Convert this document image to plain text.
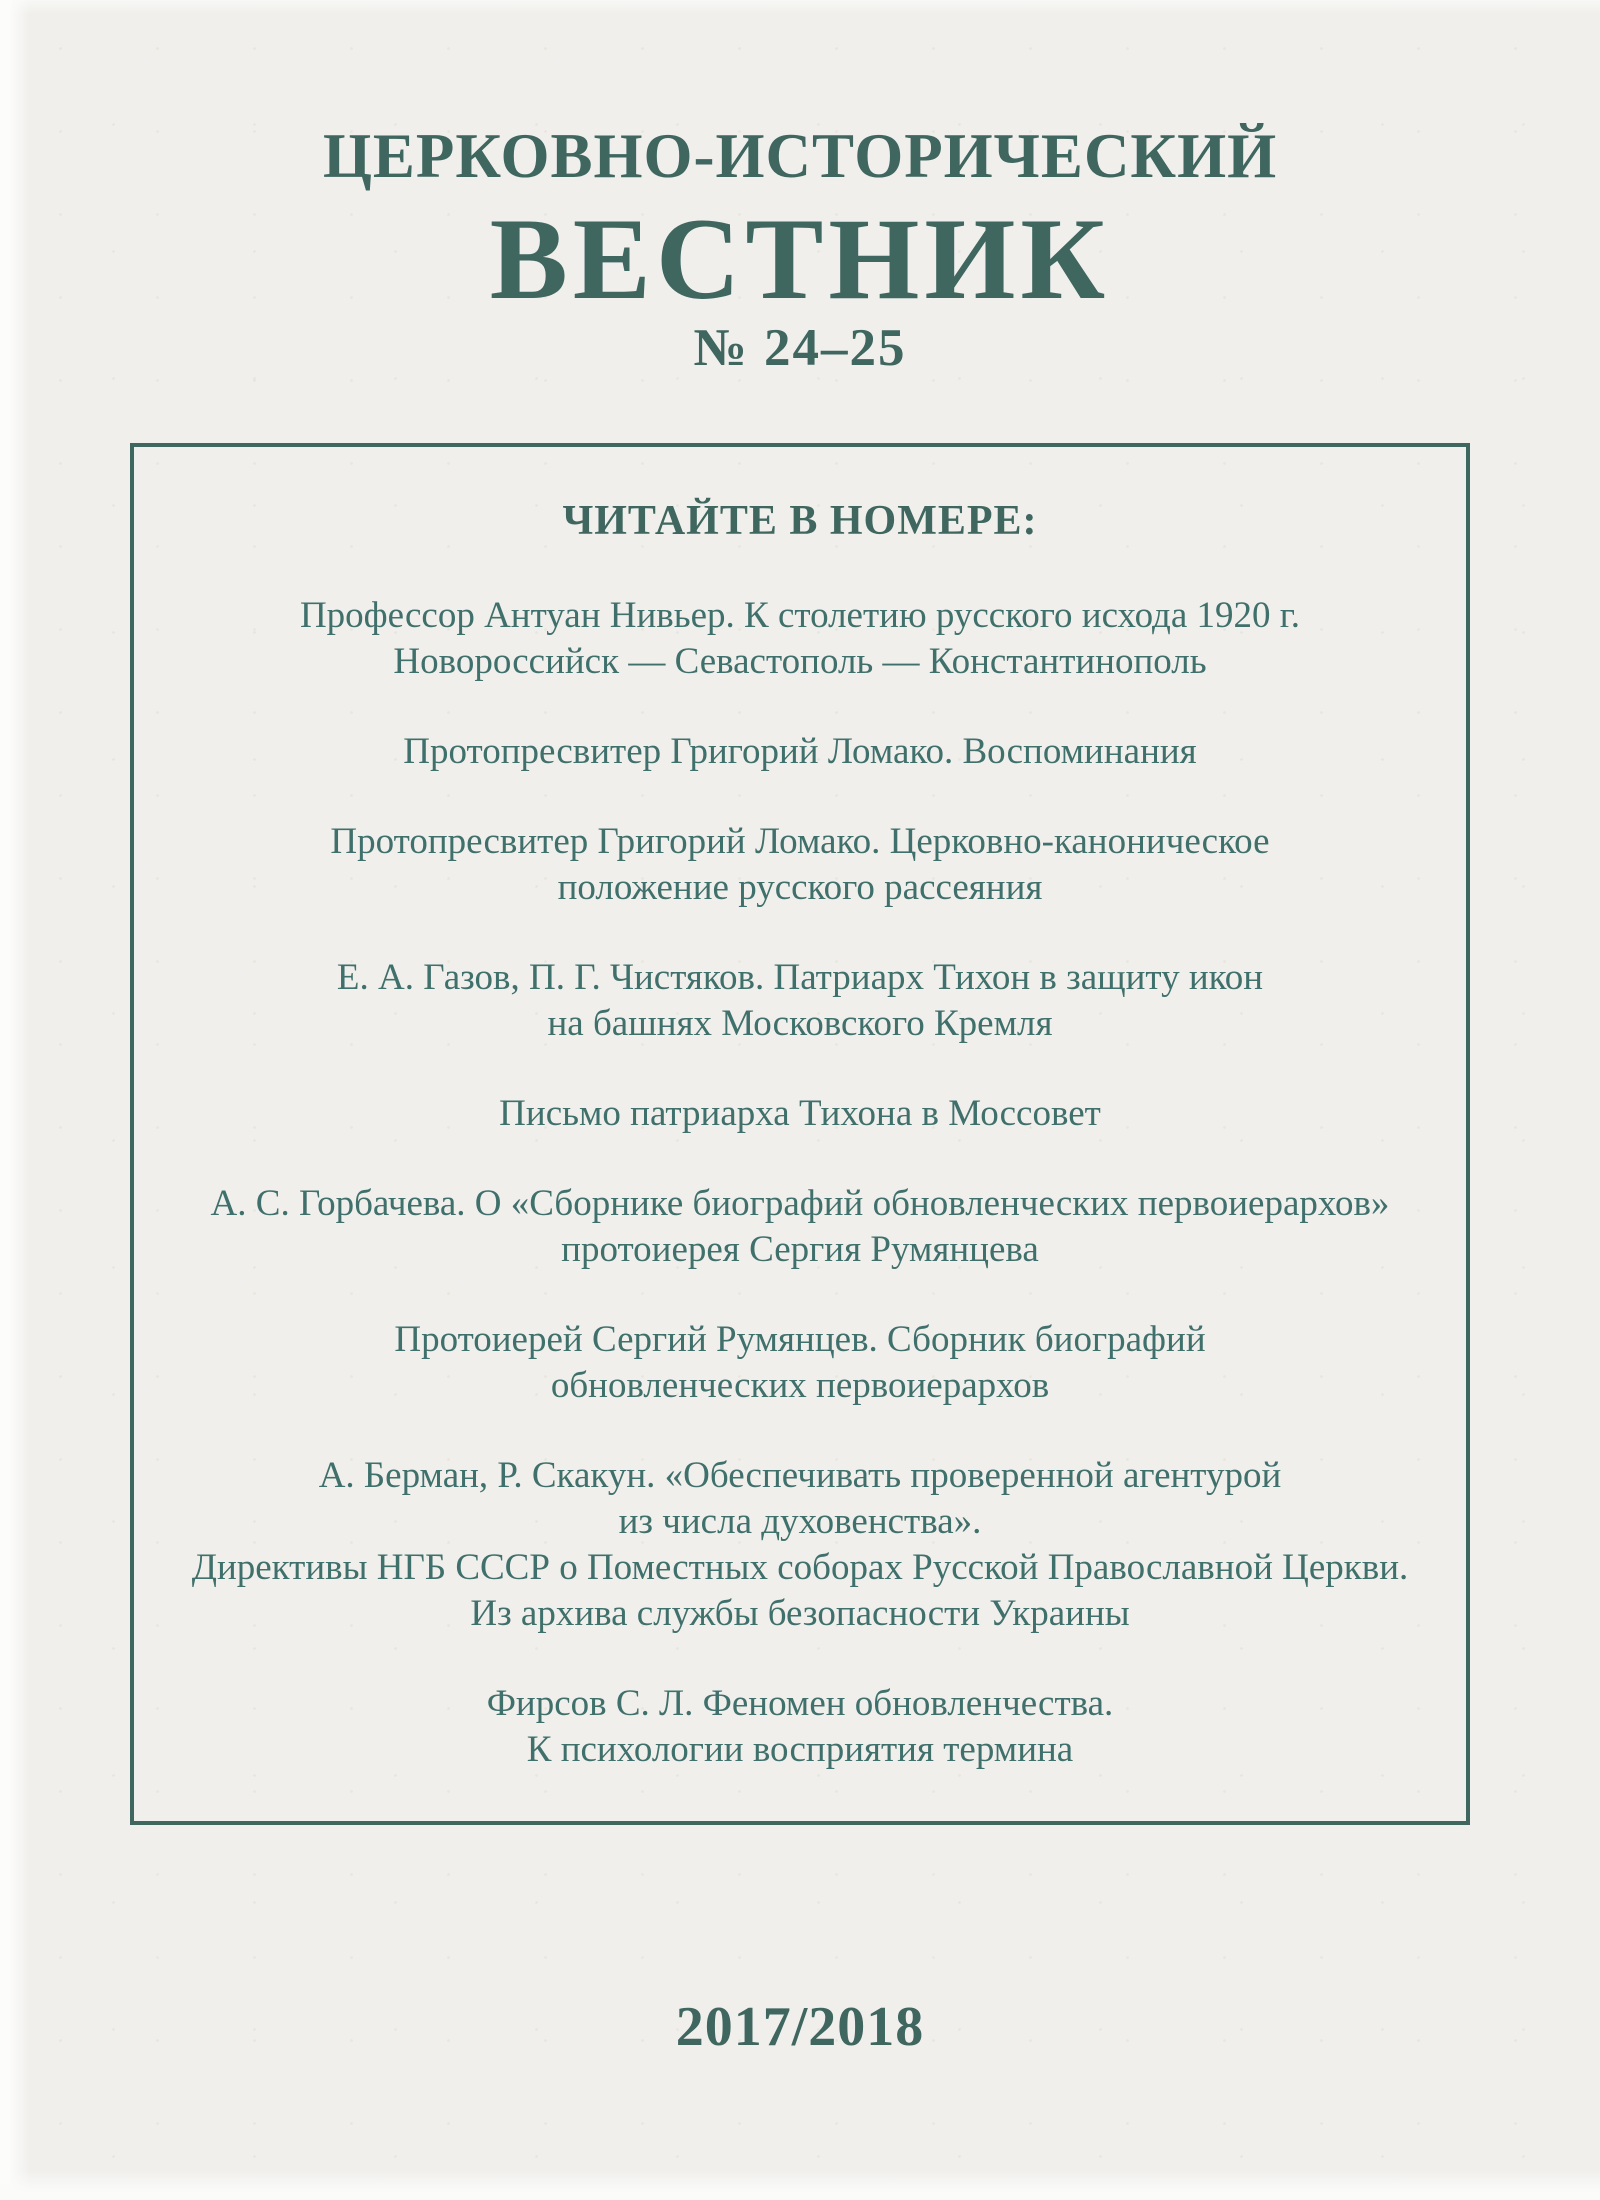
ЦЕРКОВНО-ИСТОРИЧЕСКИЙ
ВЕСТНИК
№ 24–25
ЧИТАЙТЕ В НОМЕРЕ:

Профессор Антуан Нивьер. К столетию русского исхода 1920 г.
Новороссийск — Севастополь — Константинополь

Протопресвитер Григорий Ломако. Воспоминания

Протопресвитер Григорий Ломако. Церковно-каноническое
положение русского рассеяния

Е. А. Газов, П. Г. Чистяков. Патриарх Тихон в защиту икон
на башнях Московского Кремля

Письмо патриарха Тихона в Моссовет

А. С. Горбачева. О «Сборнике биографий обновленческих первоиерархов»
протоиерея Сергия Румянцева

Протоиерей Сергий Румянцев. Сборник биографий
обновленческих первоиерархов

А. Берман, Р. Скакун. «Обеспечивать проверенной агентурой
из числа духовенства».
Директивы НГБ СССР о Поместных соборах Русской Православной Церкви.
Из архива службы безопасности Украины

Фирсов С. Л. Феномен обновленчества.
К психологии восприятия термина

2017/2018
